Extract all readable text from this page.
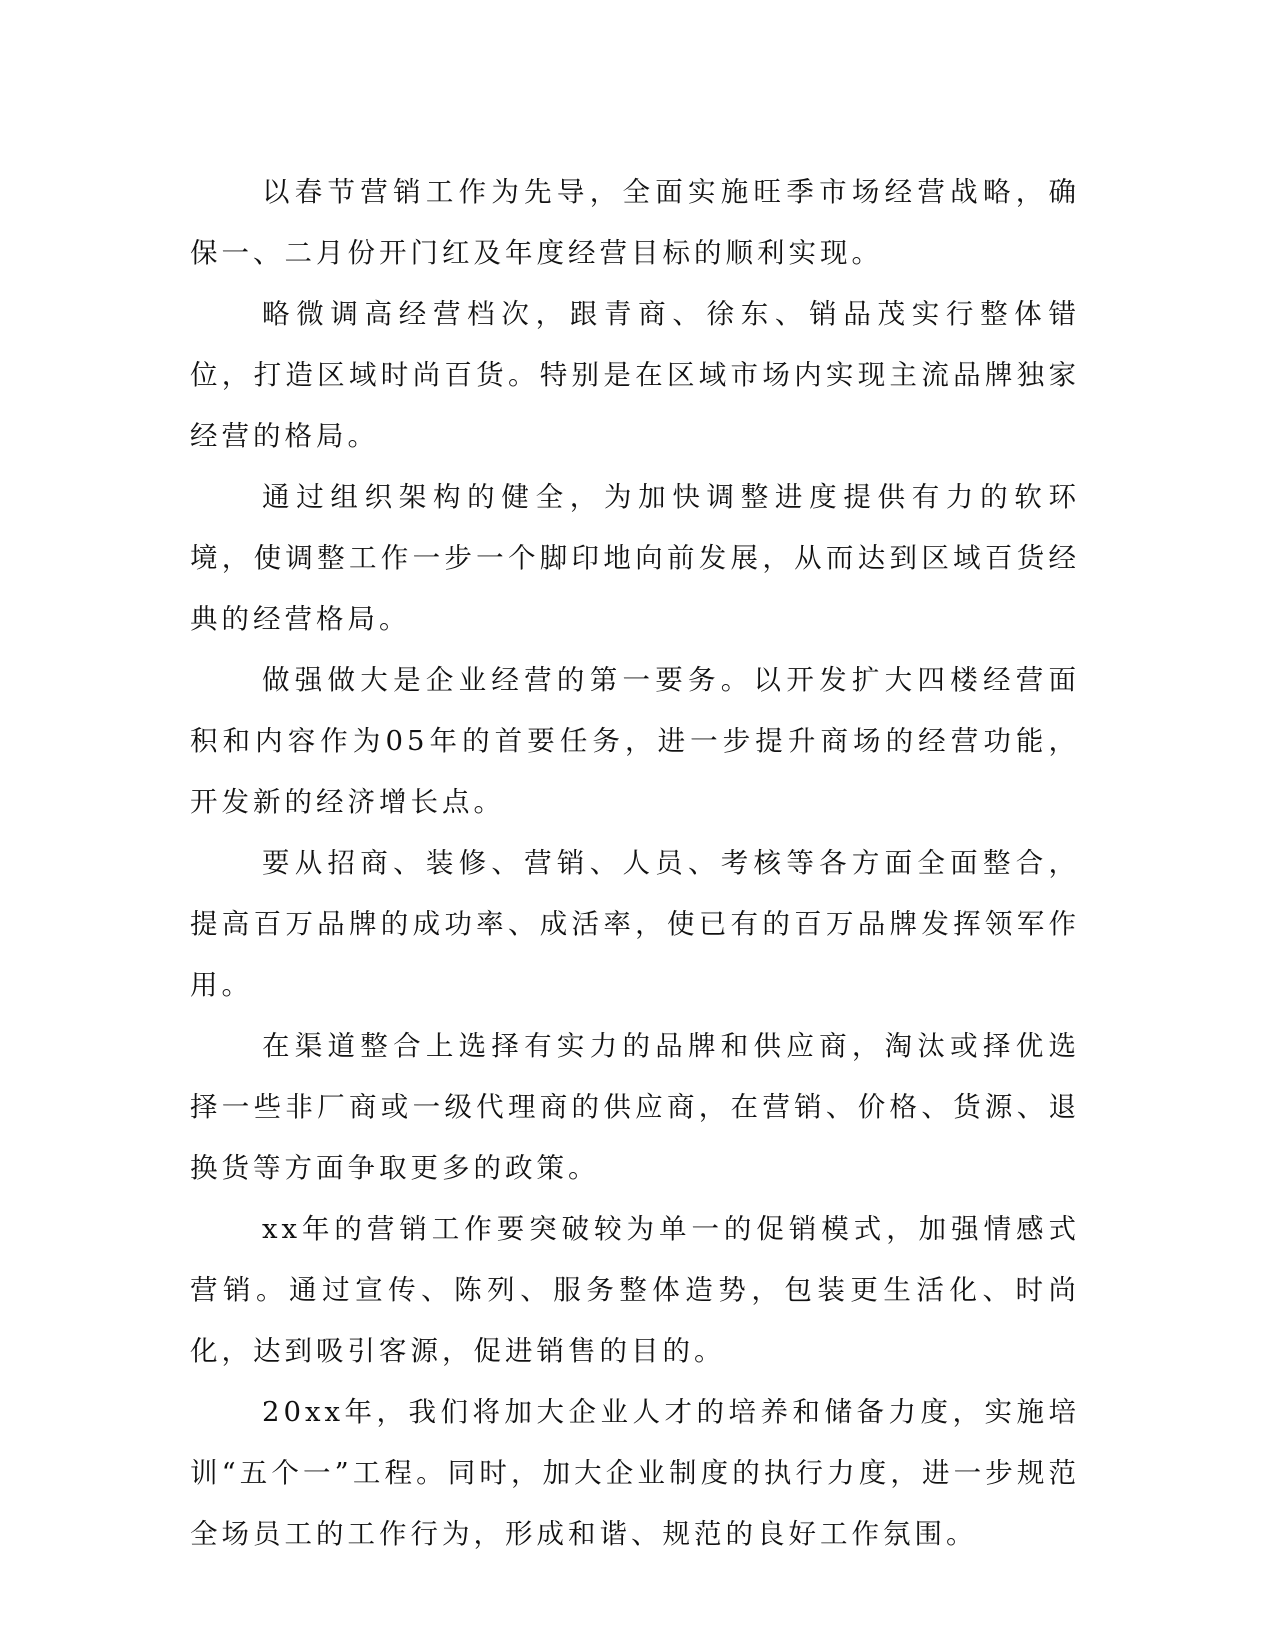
以春节营销工作为先导，全面实施旺季市场经营战略，确保一、二月份开门红及年度经营目标的顺利实现。

略微调高经营档次，跟青商、徐东、销品茂实行整体错位，打造区域时尚百货。特别是在区域市场内实现主流品牌独家经营的格局。

通过组织架构的健全，为加快调整进度提供有力的软环境，使调整工作一步一个脚印地向前发展，从而达到区域百货经典的经营格局。

做强做大是企业经营的第一要务。以开发扩大四楼经营面积和内容作为05年的首要任务，进一步提升商场的经营功能，开发新的经济增长点。

要从招商、装修、营销、人员、考核等各方面全面整合，提高百万品牌的成功率、成活率，使已有的百万品牌发挥领军作用。

在渠道整合上选择有实力的品牌和供应商，淘汰或择优选择一些非厂商或一级代理商的供应商，在营销、价格、货源、退换货等方面争取更多的政策。

xx年的营销工作要突破较为单一的促销模式，加强情感式营销。通过宣传、陈列、服务整体造势，包装更生活化、时尚化，达到吸引客源，促进销售的目的。

20xx年，我们将加大企业人才的培养和储备力度，实施培训“五个一”工程。同时，加大企业制度的执行力度，进一步规范全场员工的工作行为，形成和谐、规范的良好工作氛围。
